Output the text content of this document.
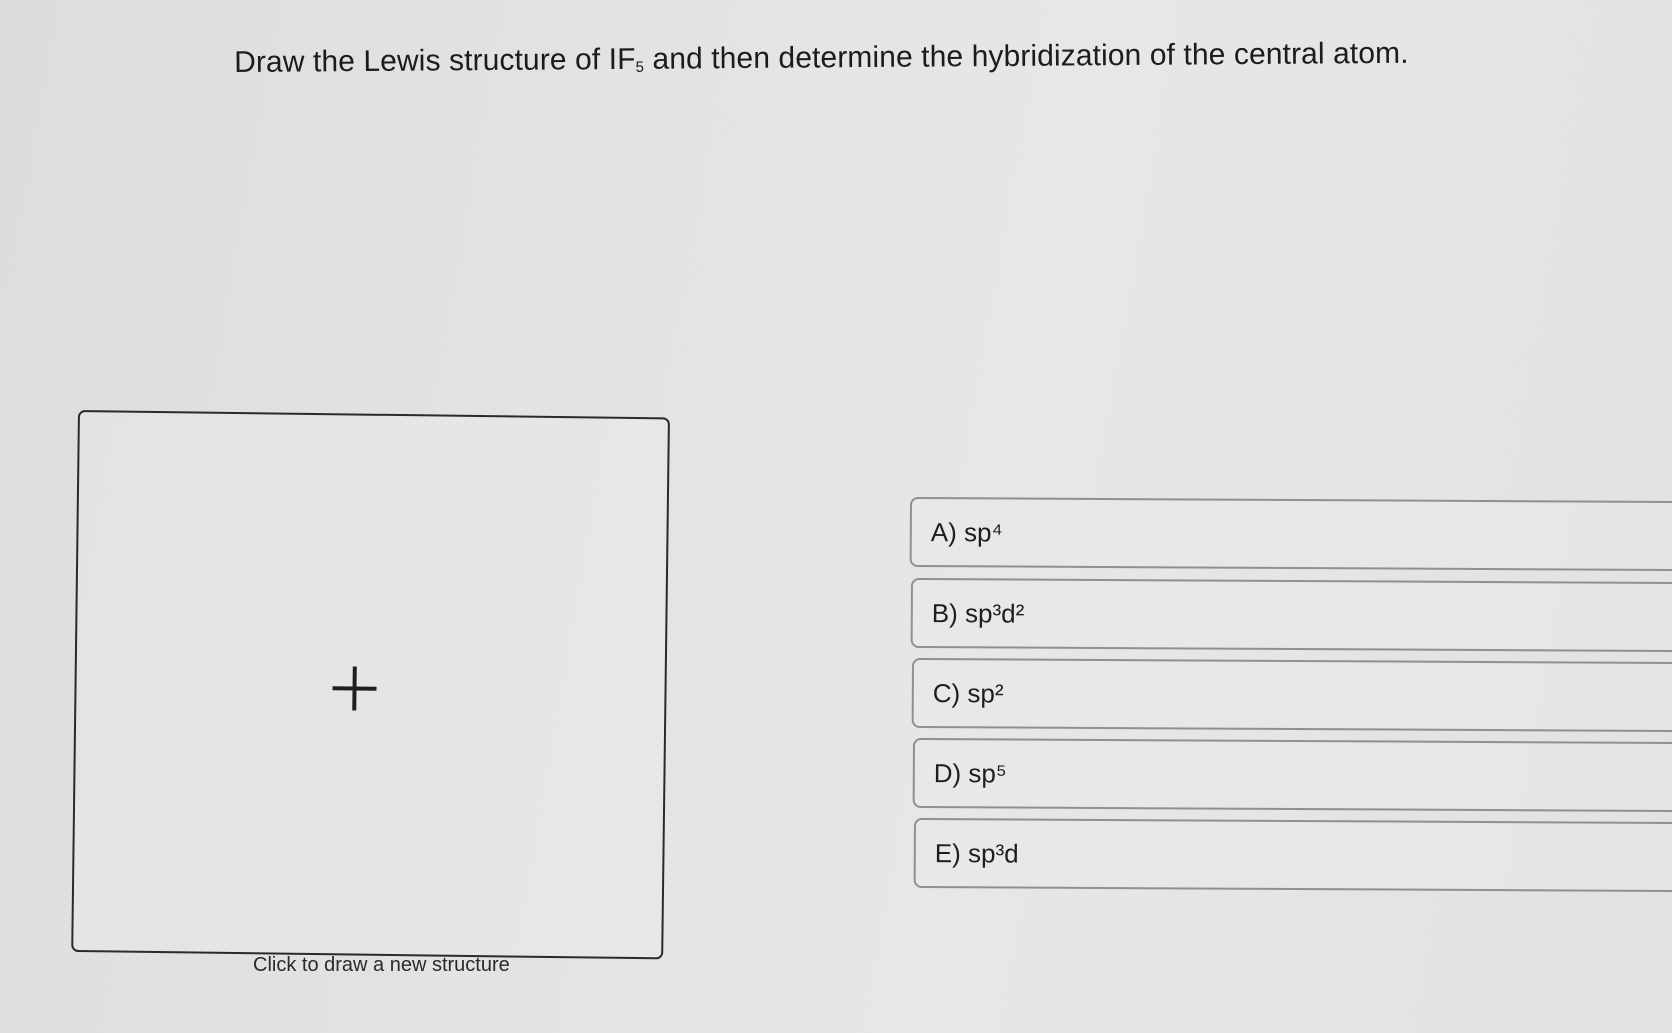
Draw the Lewis structure of $IF_5$ and then determine the hybridization of the central atom.
Click to draw a new structure
A) sp⁴
B) sp³d²
C) sp²
D) sp⁵
E) sp³d
